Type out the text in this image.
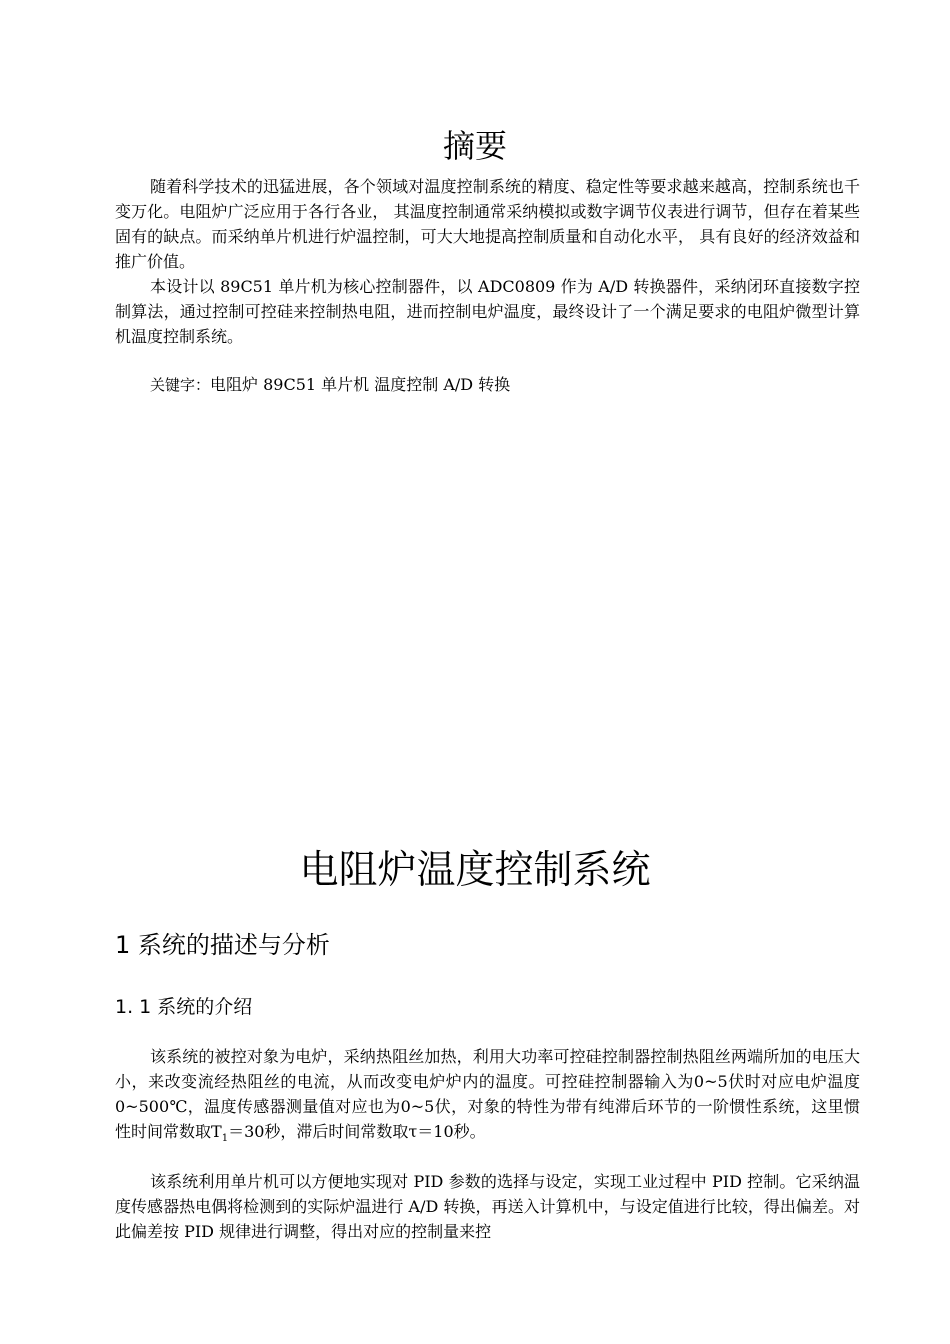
摘要

随着科学技术的迅猛进展，各个领域对温度控制系统的精度、稳定性等要求越来越高，控制系统也千变万化。电阻炉广泛应用于各行各业， 其温度控制通常采纳模拟或数字调节仪表进行调节，但存在着某些固有的缺点。而采纳单片机进行炉温控制，可大大地提高控制质量和自动化水平， 具有良好的经济效益和推广价值。

本设计以 89C51 单片机为核心控制器件，以 ADC0809 作为 A/D 转换器件，采纳闭环直接数字控制算法，通过控制可控硅来控制热电阻，进而控制电炉温度，最终设计了一个满足要求的电阻炉微型计算机温度控制系统。

关键字：电阻炉 89C51 单片机 温度控制 A/D 转换
电阻炉温度控制系统
1 系统的描述与分析
1. 1 系统的介绍

该系统的被控对象为电炉，采纳热阻丝加热，利用大功率可控硅控制器控制热阻丝两端所加的电压大小，来改变流经热阻丝的电流，从而改变电炉炉内的温度。可控硅控制器输入为0~5伏时对应电炉温度0~500℃，温度传感器测量值对应也为0~5伏，对象的特性为带有纯滞后环节的一阶惯性系统，这里惯性时间常数取$T_1=30$秒，滞后时间常数取τ＝10秒。

该系统利用单片机可以方便地实现对 PID 参数的选择与设定，实现工业过程中 PID 控制。它采纳温度传感器热电偶将检测到的实际炉温进行 A/D 转换，再送入计算机中，与设定值进行比较，得出偏差。对此偏差按 PID 规律进行调整，得出对应的控制量来控
